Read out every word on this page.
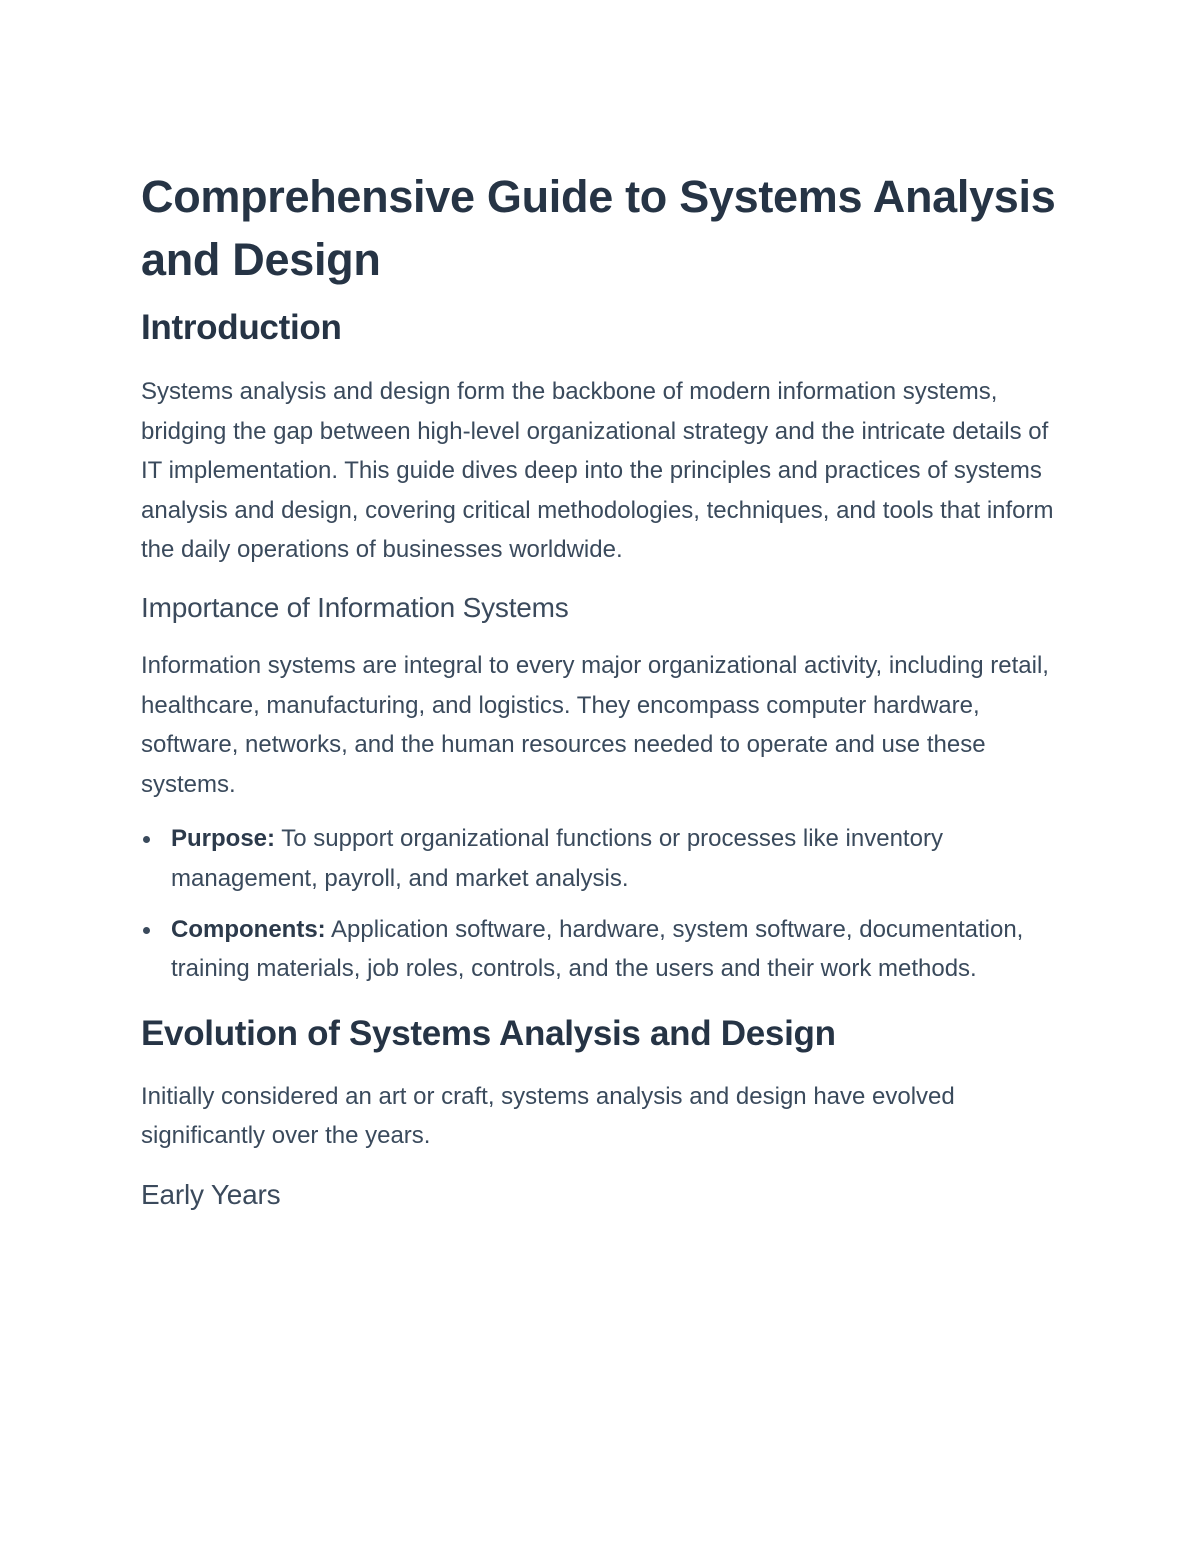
Comprehensive Guide to Systems Analysis and Design
Introduction

Systems analysis and design form the backbone of modern information systems, bridging the gap between high-level organizational strategy and the intricate details of IT implementation. This guide dives deep into the principles and practices of systems analysis and design, covering critical methodologies, techniques, and tools that inform the daily operations of businesses worldwide.

Importance of Information Systems

Information systems are integral to every major organizational activity, including retail, healthcare, manufacturing, and logistics. They encompass computer hardware, software, networks, and the human resources needed to operate and use these systems.

Purpose: To support organizational functions or processes like inventory management, payroll, and market analysis.
Components: Application software, hardware, system software, documentation, training materials, job roles, controls, and the users and their work methods.
Evolution of Systems Analysis and Design

Initially considered an art or craft, systems analysis and design have evolved significantly over the years.

Early Years
